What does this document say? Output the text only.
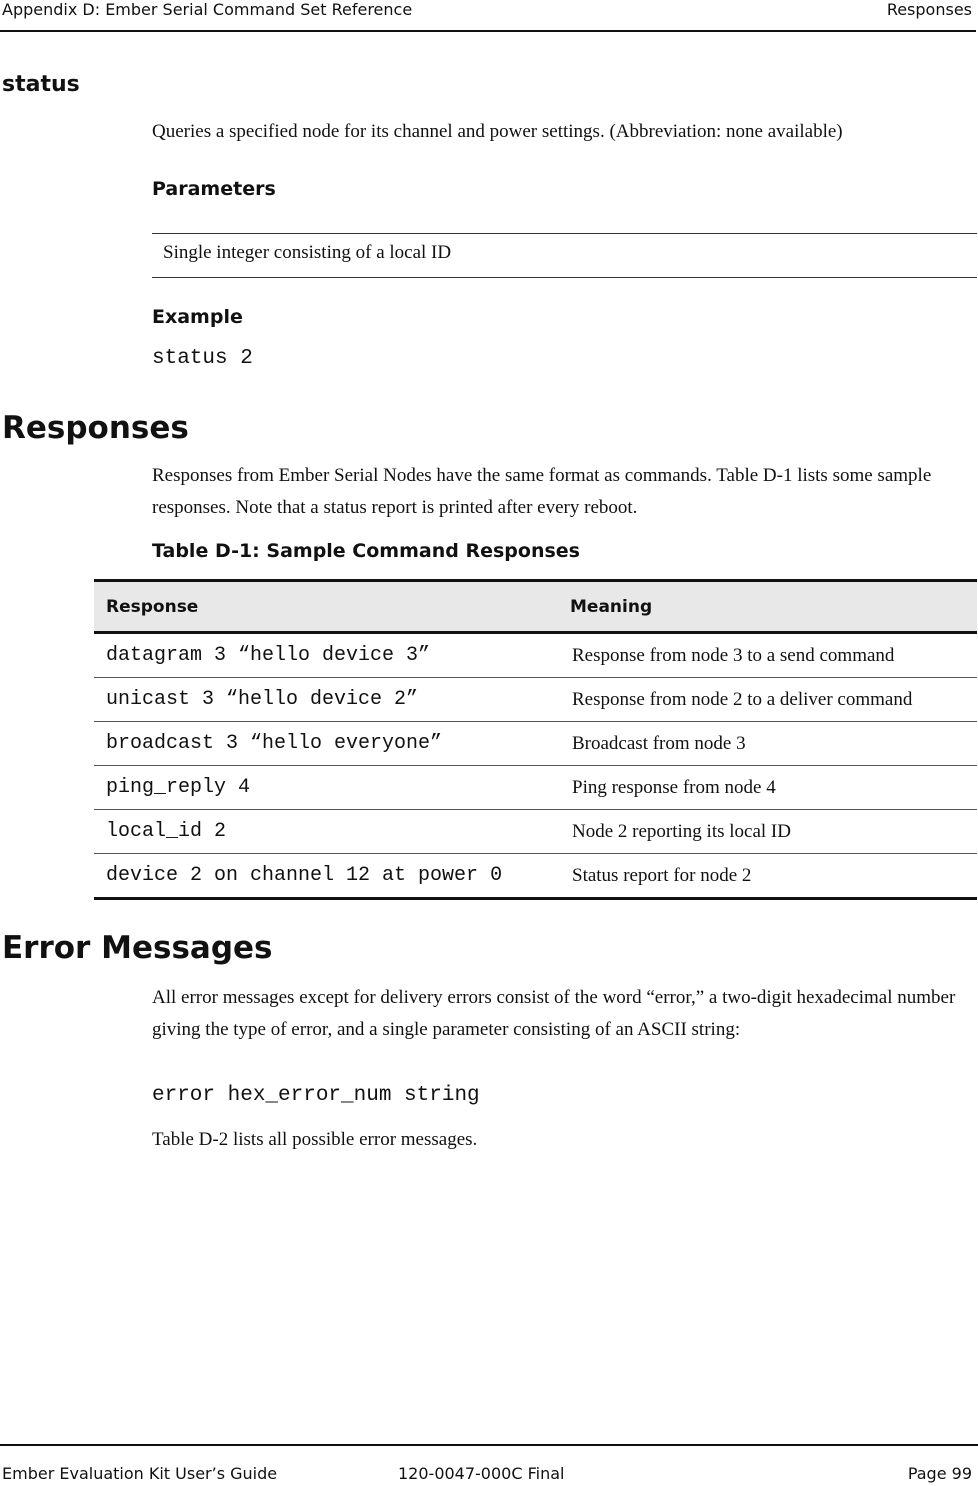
Appendix D: Ember Serial Command Set Reference	Responses
status
Queries a specified node for its channel and power settings. (Abbreviation: none available)
Parameters
Single integer consisting of a local ID
Example
status 2
Responses
Responses from Ember Serial Nodes have the same format as commands. Table D-1 lists some sample responses. Note that a status report is printed after every reboot.
Table D-1: Sample Command Responses
Response	Meaning
datagram 3 “hello device 3”	Response from node 3 to a send command
unicast 3 “hello device 2”	Response from node 2 to a deliver command
broadcast 3 “hello everyone”	Broadcast from node 3
ping_reply 4	Ping response from node 4
local_id 2	Node 2 reporting its local ID
device 2 on channel 12 at power 0	Status report for node 2
Error Messages
All error messages except for delivery errors consist of the word “error,” a two-digit hexadecimal number giving the type of error, and a single parameter consisting of an ASCII string:
error hex_error_num string
Table D-2 lists all possible error messages.
Ember Evaluation Kit User’s Guide	120-0047-000C Final	Page 99
